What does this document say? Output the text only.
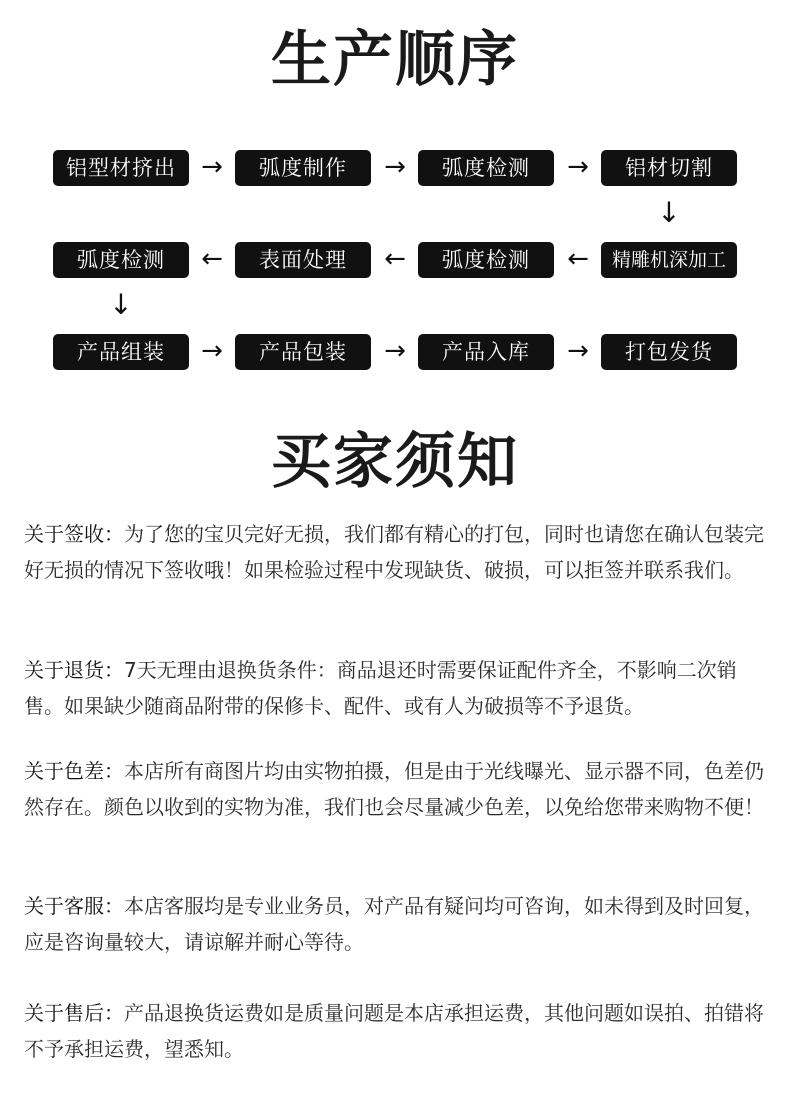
生产顺序
铝型材挤出 →	弧度制作	→	弧度检测	→	铝材切割
↓
弧度检测	←	表面处理	←	弧度检测	←	精雕机深加工
↓
产品组装	→	产品包装	→	产品入库	→	打包发货
买家须知
关于签收：为了您的宝贝完好无损，我们都有精心的打包，同时也请您在确认包装完好无损的情况下签收哦！如果检验过程中发现缺货、破损，可以拒签并联系我们。
关于退货：7天无理由退换货条件：商品退还时需要保证配件齐全，不影响二次销售。如果缺少随商品附带的保修卡、配件、或有人为破损等不予退货。
关于色差：本店所有商图片均由实物拍摄，但是由于光线曝光、显示器不同，色差仍然存在。颜色以收到的实物为准，我们也会尽量减少色差，以免给您带来购物不便！
关于客服：本店客服均是专业业务员，对产品有疑问均可咨询，如未得到及时回复，应是咨询量较大，请谅解并耐心等待。
关于售后：产品退换货运费如是质量问题是本店承担运费，其他问题如误拍、拍错将不予承担运费，望悉知。
